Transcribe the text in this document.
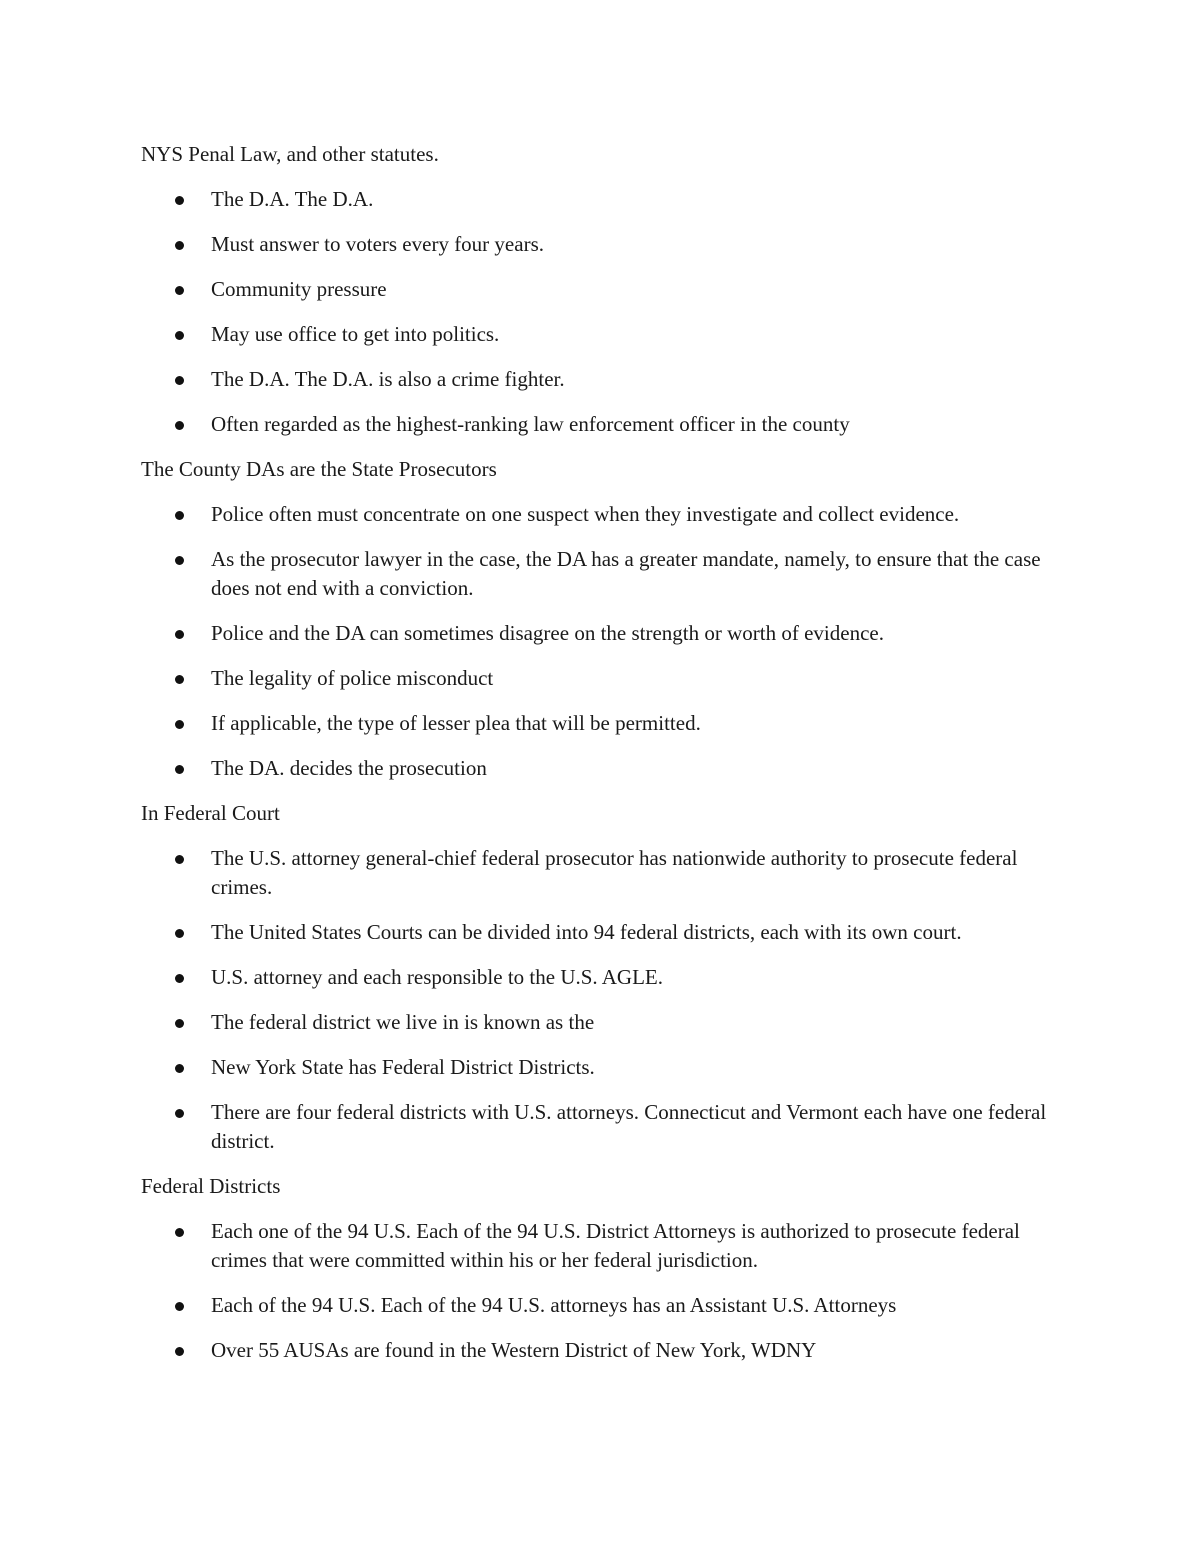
NYS Penal Law, and other statutes.

The D.A. The D.A.
Must answer to voters every four years.
Community pressure
May use office to get into politics.
The D.A. The D.A. is also a crime fighter.
Often regarded as the highest-ranking law enforcement officer in the county

The County DAs are the State Prosecutors

Police often must concentrate on one suspect when they investigate and collect evidence.
As the prosecutor lawyer in the case, the DA has a greater mandate, namely, to ensure that the case does not end with a conviction.
Police and the DA can sometimes disagree on the strength or worth of evidence.
The legality of police misconduct
If applicable, the type of lesser plea that will be permitted.
The DA. decides the prosecution

In Federal Court

The U.S. attorney general-chief federal prosecutor has nationwide authority to prosecute federal crimes.
The United States Courts can be divided into 94 federal districts, each with its own court.
U.S. attorney and each responsible to the U.S. AGLE.
The federal district we live in is known as the
New York State has Federal District Districts.
There are four federal districts with U.S. attorneys. Connecticut and Vermont each have one federal district.

Federal Districts

Each one of the 94 U.S. Each of the 94 U.S. District Attorneys is authorized to prosecute federal crimes that were committed within his or her federal jurisdiction.
Each of the 94 U.S. Each of the 94 U.S. attorneys has an Assistant U.S. Attorneys
Over 55 AUSAs are found in the Western District of New York, WDNY
